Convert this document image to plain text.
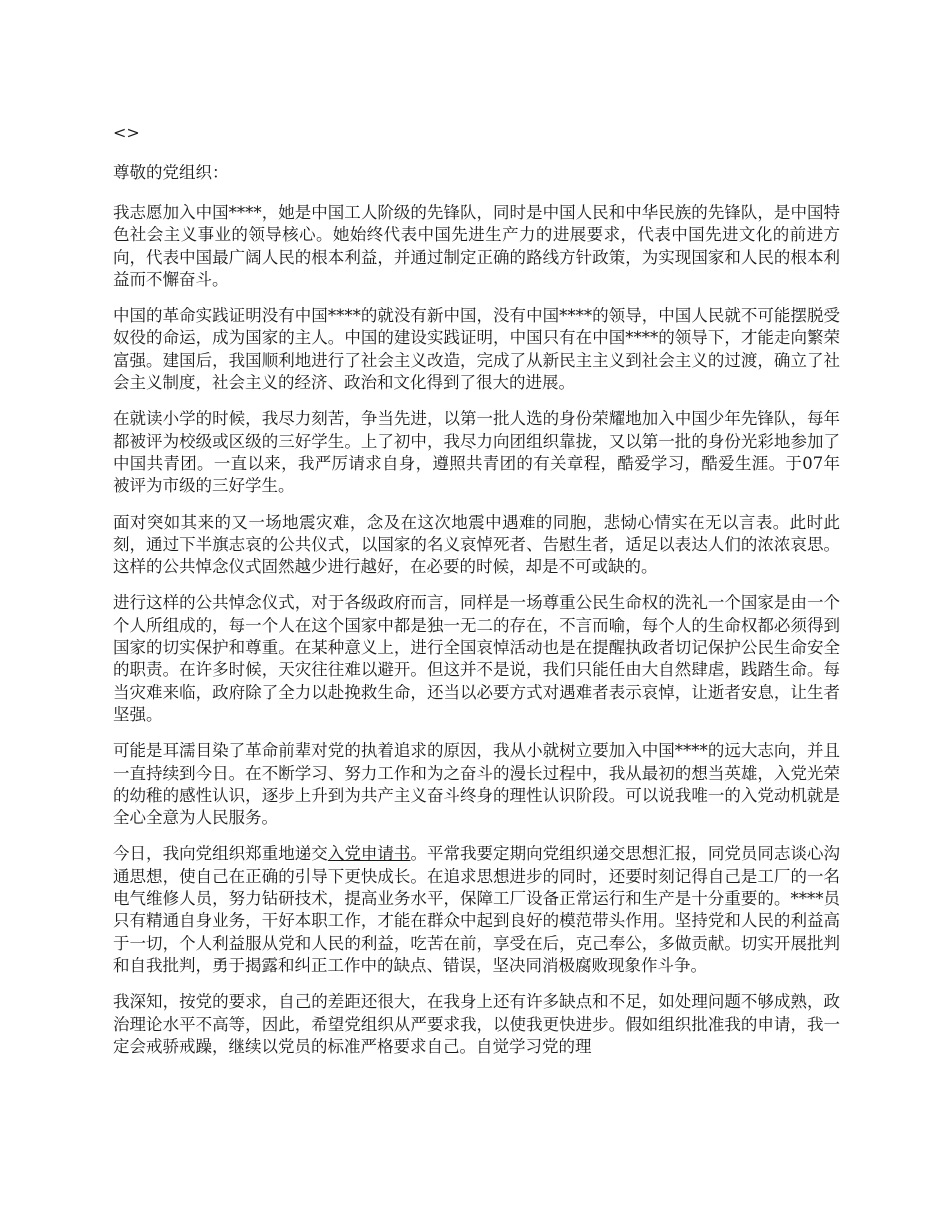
<>

尊敬的党组织：

我志愿加入中国****，她是中国工人阶级的先锋队，同时是中国人民和中华民族的先锋队，是中国特色社会主义事业的领导核心。她始终代表中国先进生产力的进展要求，代表中国先进文化的前进方向，代表中国最广阔人民的根本利益，并通过制定正确的路线方针政策，为实现国家和人民的根本利益而不懈奋斗。

中国的革命实践证明没有中国****的就没有新中国，没有中国****的领导，中国人民就不可能摆脱受奴役的命运，成为国家的主人。中国的建设实践证明，中国只有在中国****的领导下，才能走向繁荣富强。建国后，我国顺利地进行了社会主义改造，完成了从新民主主义到社会主义的过渡，确立了社会主义制度，社会主义的经济、政治和文化得到了很大的进展。

在就读小学的时候，我尽力刻苦，争当先进，以第一批人选的身份荣耀地加入中国少年先锋队，每年都被评为校级或区级的三好学生。上了初中，我尽力向团组织靠拢，又以第一批的身份光彩地参加了中国共青团。一直以来，我严厉请求自身，遵照共青团的有关章程，酷爱学习，酷爱生涯。于07年被评为市级的三好学生。

面对突如其来的又一场地震灾难，念及在这次地震中遇难的同胞，悲恸心情实在无以言表。此时此刻，通过下半旗志哀的公共仪式，以国家的名义哀悼死者、告慰生者，适足以表达人们的浓浓哀思。这样的公共悼念仪式固然越少进行越好，在必要的时候，却是不可或缺的。

进行这样的公共悼念仪式，对于各级政府而言，同样是一场尊重公民生命权的洗礼一个国家是由一个个人所组成的，每一个人在这个国家中都是独一无二的存在，不言而喻，每个人的生命权都必须得到国家的切实保护和尊重。在某种意义上，进行全国哀悼活动也是在提醒执政者切记保护公民生命安全的职责。在许多时候，天灾往往难以避开。但这并不是说，我们只能任由大自然肆虐，践踏生命。每当灾难来临，政府除了全力以赴挽救生命，还当以必要方式对遇难者表示哀悼，让逝者安息，让生者坚强。

可能是耳濡目染了革命前辈对党的执着追求的原因，我从小就树立要加入中国****的远大志向，并且一直持续到今日。在不断学习、努力工作和为之奋斗的漫长过程中，我从最初的想当英雄，入党光荣的幼稚的感性认识，逐步上升到为共产主义奋斗终身的理性认识阶段。可以说我唯一的入党动机就是全心全意为人民服务。

今日，我向党组织郑重地递交入党申请书。平常我要定期向党组织递交思想汇报，同党员同志谈心沟通思想，使自己在正确的引导下更快成长。在追求思想进步的同时，还要时刻记得自己是工厂的一名电气维修人员，努力钻研技术，提高业务水平，保障工厂设备正常运行和生产是十分重要的。****员只有精通自身业务，干好本职工作，才能在群众中起到良好的模范带头作用。坚持党和人民的利益高于一切，个人利益服从党和人民的利益，吃苦在前，享受在后，克己奉公，多做贡献。切实开展批判和自我批判，勇于揭露和纠正工作中的缺点、错误，坚决同消极腐败现象作斗争。

我深知，按党的要求，自己的差距还很大，在我身上还有许多缺点和不足，如处理问题不够成熟，政治理论水平不高等，因此，希望党组织从严要求我，以使我更快进步。假如组织批准我的申请，我一定会戒骄戒躁，继续以党员的标准严格要求自己。自觉学习党的理
